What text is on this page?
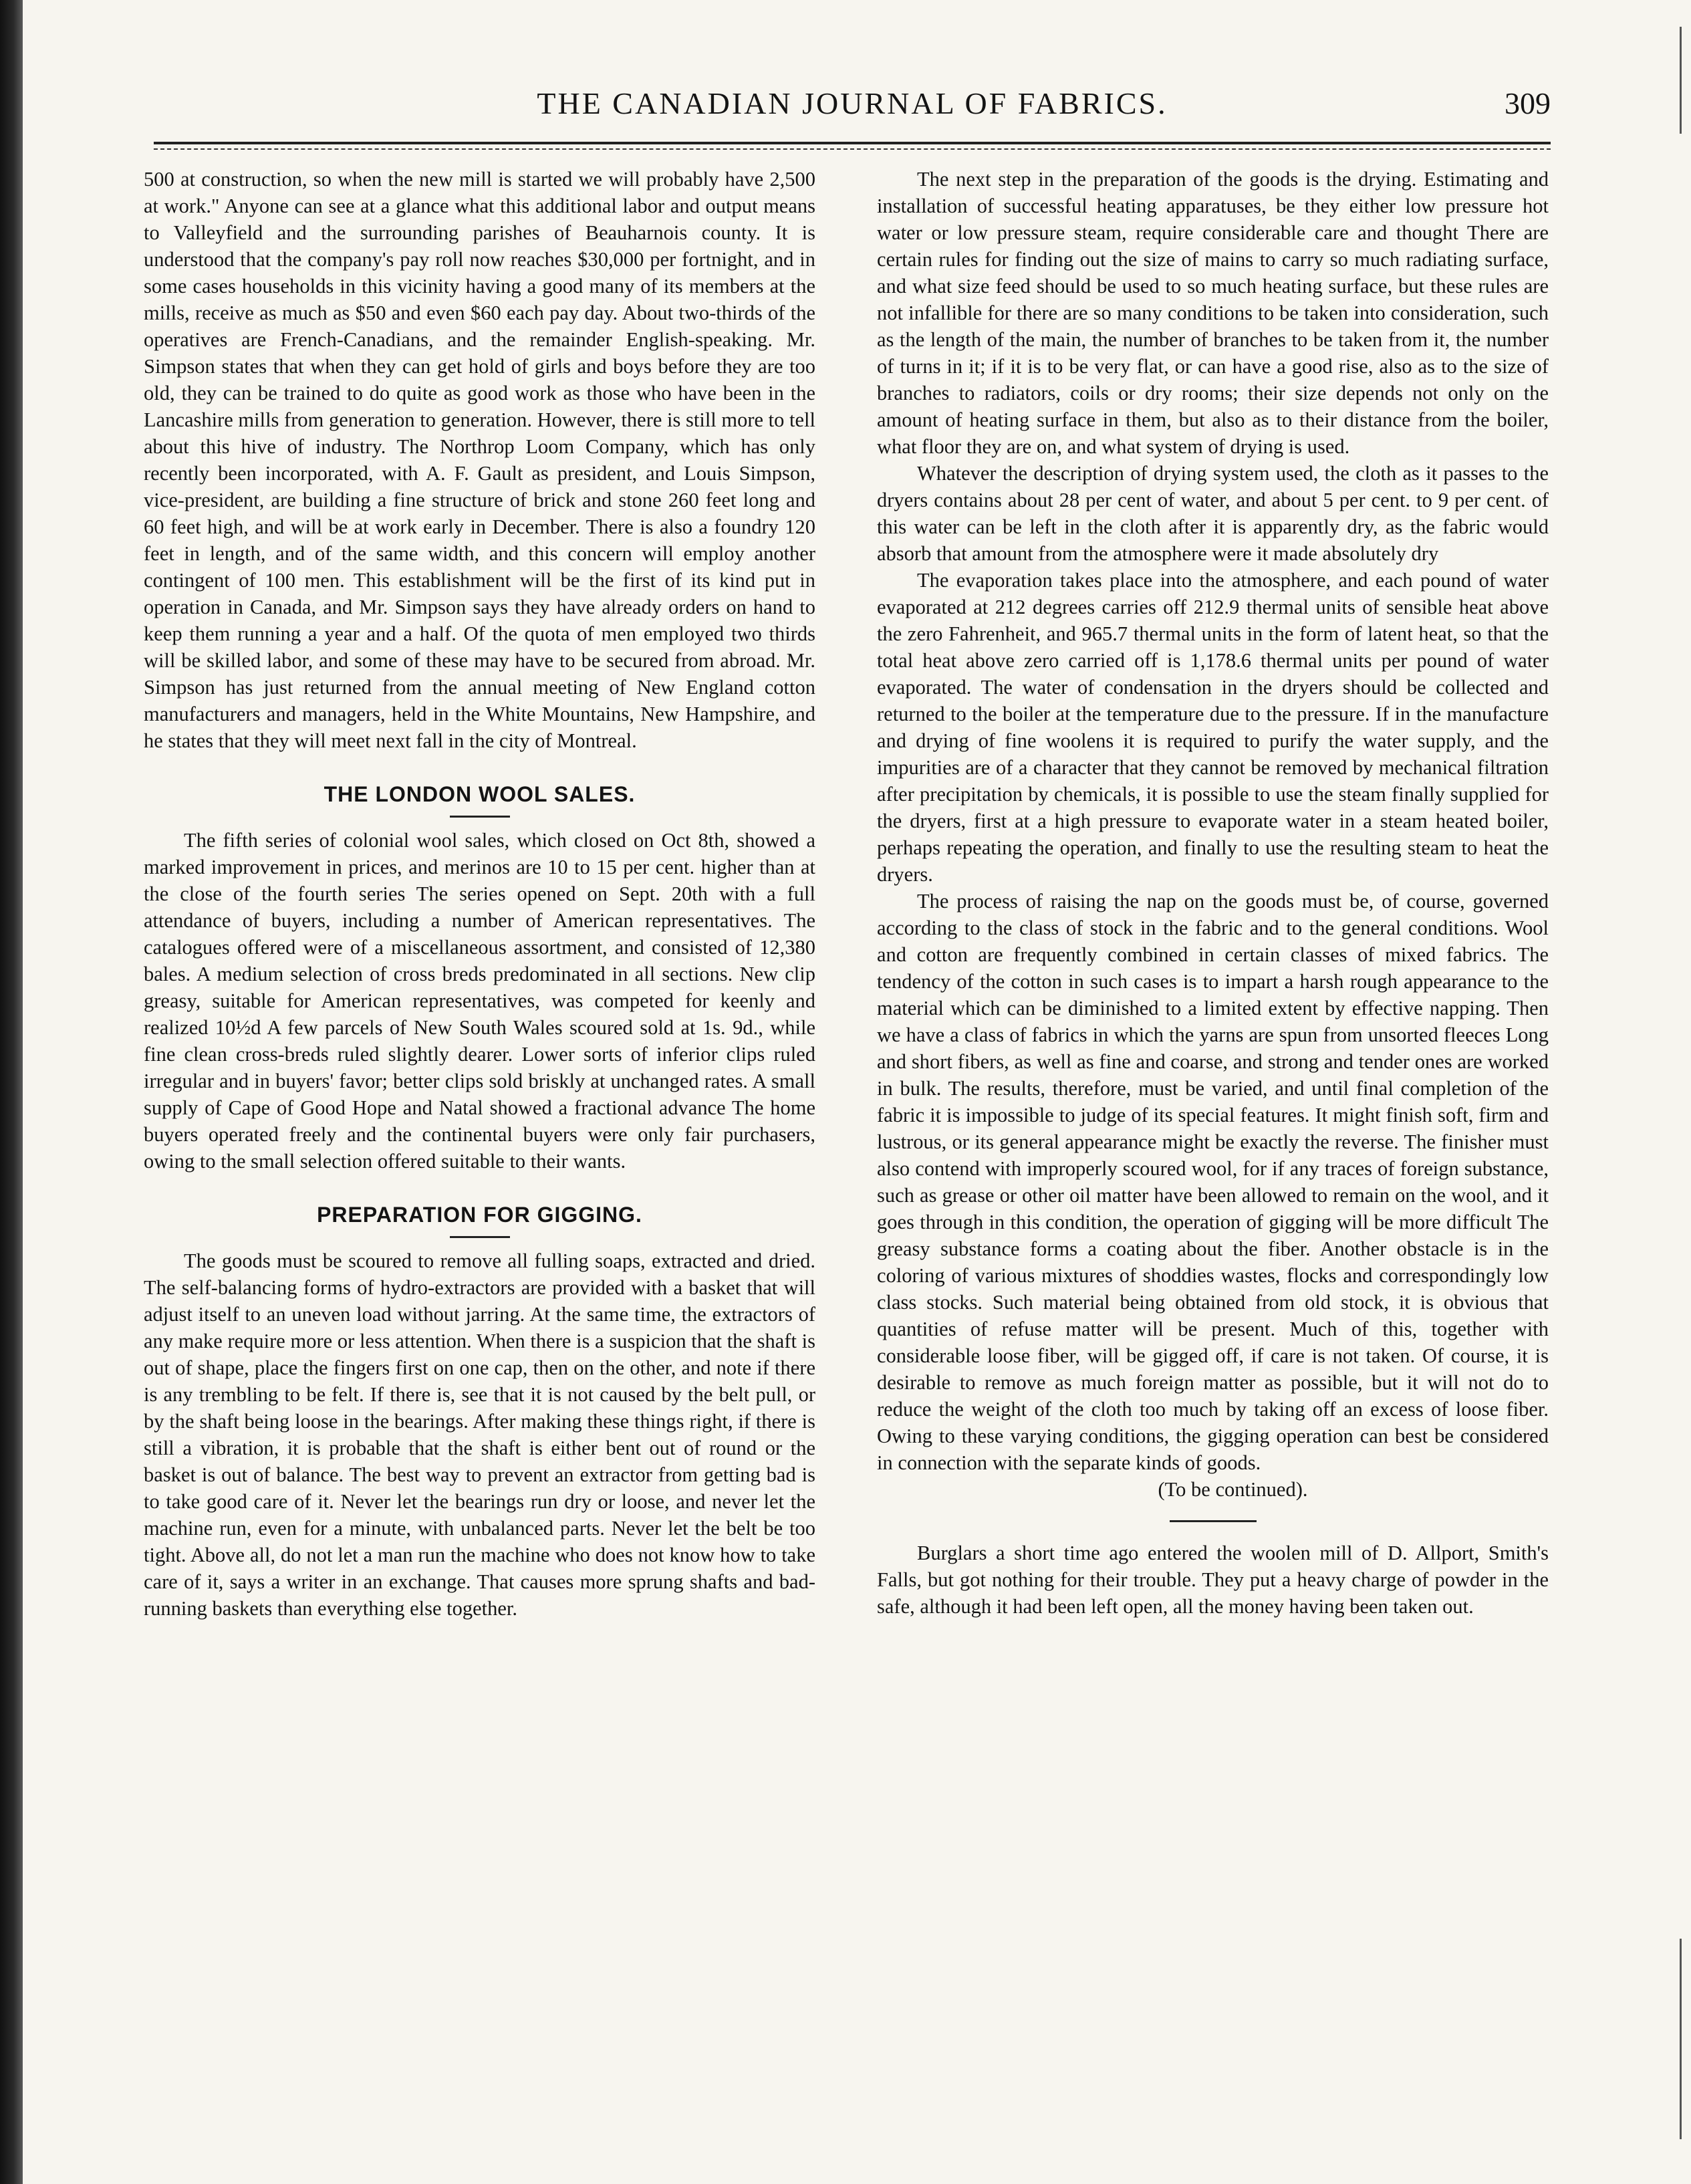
THE CANADIAN JOURNAL OF FABRICS.	309

500 at construction, so when the new mill is started we will probably have 2,500 at work." Anyone can see at a glance what this additional labor and output means to Valleyfield and the surrounding parishes of Beauharnois county. It is understood that the company's pay roll now reaches $30,000 per fortnight, and in some cases households in this vicinity having a good many of its members at the mills, receive as much as $50 and even $60 each pay day. About two-thirds of the operatives are French-Canadians, and the remainder English-speaking. Mr. Simpson states that when they can get hold of girls and boys before they are too old, they can be trained to do quite as good work as those who have been in the Lancashire mills from generation to generation. However, there is still more to tell about this hive of industry. The Northrop Loom Company, which has only recently been incorporated, with A. F. Gault as president, and Louis Simpson, vice-president, are building a fine structure of brick and stone 260 feet long and 60 feet high, and will be at work early in December. There is also a foundry 120 feet in length, and of the same width, and this concern will employ another contingent of 100 men. This establishment will be the first of its kind put in operation in Canada, and Mr. Simpson says they have already orders on hand to keep them running a year and a half. Of the quota of men employed two thirds will be skilled labor, and some of these may have to be secured from abroad. Mr. Simpson has just returned from the annual meeting of New England cotton manufacturers and managers, held in the White Mountains, New Hampshire, and he states that they will meet next fall in the city of Montreal.

THE LONDON WOOL SALES.

The fifth series of colonial wool sales, which closed on Oct 8th, showed a marked improvement in prices, and merinos are 10 to 15 per cent. higher than at the close of the fourth series The series opened on Sept. 20th with a full attendance of buyers, including a number of American representatives. The catalogues offered were of a miscellaneous assortment, and consisted of 12,380 bales. A medium selection of cross breds predominated in all sections. New clip greasy, suitable for American representatives, was competed for keenly and realized 10½d A few parcels of New South Wales scoured sold at 1s. 9d., while fine clean cross-breds ruled slightly dearer. Lower sorts of inferior clips ruled irregular and in buyers' favor; better clips sold briskly at unchanged rates. A small supply of Cape of Good Hope and Natal showed a fractional advance The home buyers operated freely and the continental buyers were only fair purchasers, owing to the small selection offered suitable to their wants.

PREPARATION FOR GIGGING.

The goods must be scoured to remove all fulling soaps, extracted and dried. The self-balancing forms of hydro-extractors are provided with a basket that will adjust itself to an uneven load without jarring. At the same time, the extractors of any make require more or less attention. When there is a suspicion that the shaft is out of shape, place the fingers first on one cap, then on the other, and note if there is any trembling to be felt. If there is, see that it is not caused by the belt pull, or by the shaft being loose in the bearings. After making these things right, if there is still a vibration, it is probable that the shaft is either bent out of round or the basket is out of balance. The best way to prevent an extractor from getting bad is to take good care of it. Never let the bearings run dry or loose, and never let the machine run, even for a minute, with unbalanced parts. Never let the belt be too tight. Above all, do not let a man run the machine who does not know how to take care of it, says a writer in an exchange. That causes more sprung shafts and bad-running baskets than everything else together.

The next step in the preparation of the goods is the drying. Estimating and installation of successful heating apparatuses, be they either low pressure hot water or low pressure steam, require considerable care and thought There are certain rules for finding out the size of mains to carry so much radiating surface, and what size feed should be used to so much heating surface, but these rules are not infallible for there are so many conditions to be taken into consideration, such as the length of the main, the number of branches to be taken from it, the number of turns in it; if it is to be very flat, or can have a good rise, also as to the size of branches to radiators, coils or dry rooms; their size depends not only on the amount of heating surface in them, but also as to their distance from the boiler, what floor they are on, and what system of drying is used.

Whatever the description of drying system used, the cloth as it passes to the dryers contains about 28 per cent of water, and about 5 per cent. to 9 per cent. of this water can be left in the cloth after it is apparently dry, as the fabric would absorb that amount from the atmosphere were it made absolutely dry

The evaporation takes place into the atmosphere, and each pound of water evaporated at 212 degrees carries off 212.9 thermal units of sensible heat above the zero Fahrenheit, and 965.7 thermal units in the form of latent heat, so that the total heat above zero carried off is 1,178.6 thermal units per pound of water evaporated. The water of condensation in the dryers should be collected and returned to the boiler at the temperature due to the pressure. If in the manufacture and drying of fine woolens it is required to purify the water supply, and the impurities are of a character that they cannot be removed by mechanical filtration after precipitation by chemicals, it is possible to use the steam finally supplied for the dryers, first at a high pressure to evaporate water in a steam heated boiler, perhaps repeating the operation, and finally to use the resulting steam to heat the dryers.

The process of raising the nap on the goods must be, of course, governed according to the class of stock in the fabric and to the general conditions. Wool and cotton are frequently combined in certain classes of mixed fabrics. The tendency of the cotton in such cases is to impart a harsh rough appearance to the material which can be diminished to a limited extent by effective napping. Then we have a class of fabrics in which the yarns are spun from unsorted fleeces Long and short fibers, as well as fine and coarse, and strong and tender ones are worked in bulk. The results, therefore, must be varied, and until final completion of the fabric it is impossible to judge of its special features. It might finish soft, firm and lustrous, or its general appearance might be exactly the reverse. The finisher must also contend with improperly scoured wool, for if any traces of foreign substance, such as grease or other oil matter have been allowed to remain on the wool, and it goes through in this condition, the operation of gigging will be more difficult The greasy substance forms a coating about the fiber. Another obstacle is in the coloring of various mixtures of shoddies wastes, flocks and correspondingly low class stocks. Such material being obtained from old stock, it is obvious that quantities of refuse matter will be present. Much of this, together with considerable loose fiber, will be gigged off, if care is not taken. Of course, it is desirable to remove as much foreign matter as possible, but it will not do to reduce the weight of the cloth too much by taking off an excess of loose fiber. Owing to these varying conditions, the gigging operation can best be considered in connection with the separate kinds of goods.

(To be continued).

Burglars a short time ago entered the woolen mill of D. Allport, Smith's Falls, but got nothing for their trouble. They put a heavy charge of powder in the safe, although it had been left open, all the money having been taken out.
